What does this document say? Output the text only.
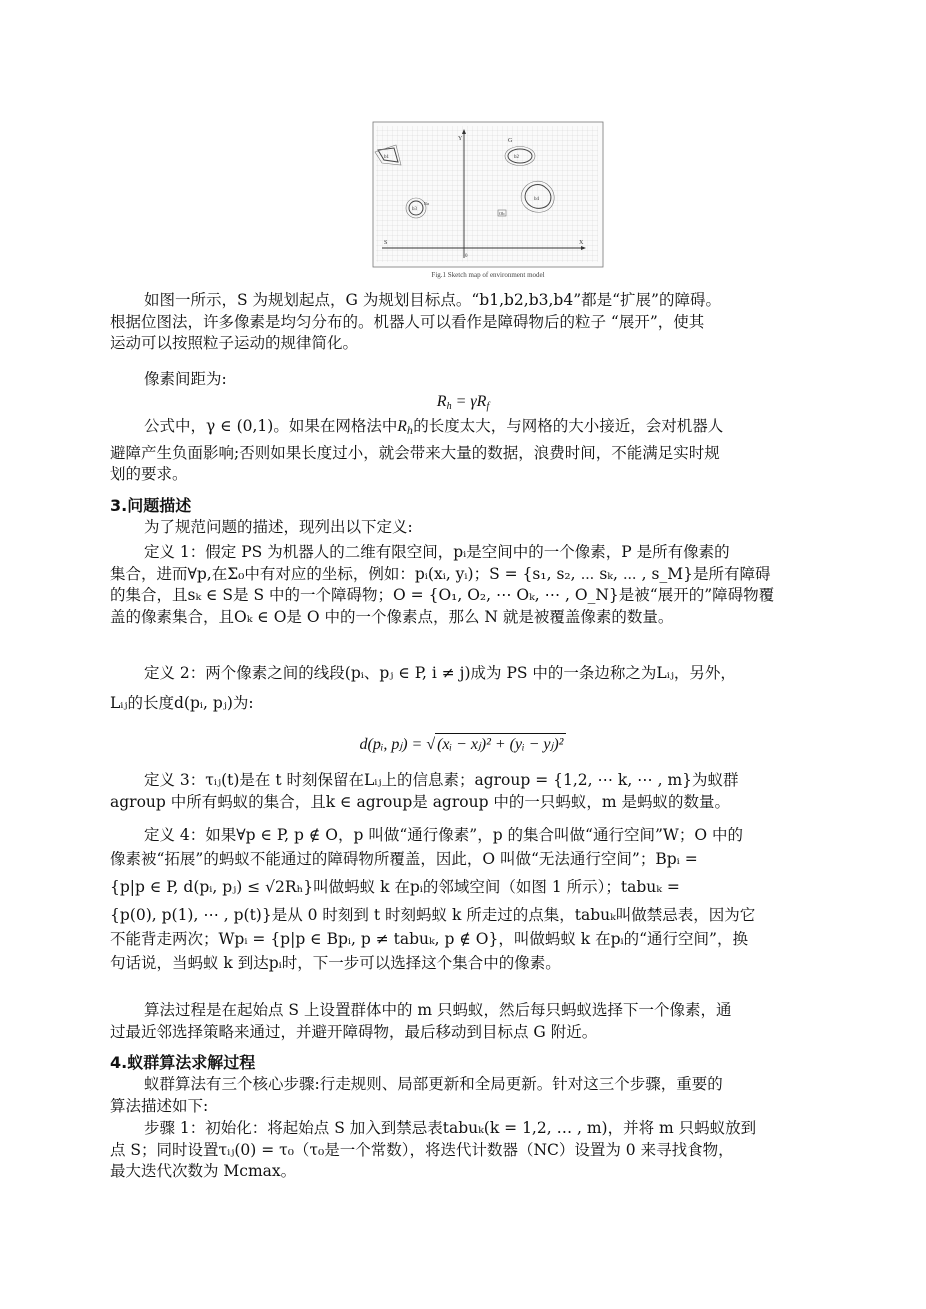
b1	b2
b3
b4
Ra
Ob
Y
X
0
S
G
Fig.1 Sketch map of environment model
如图一所示，S 为规划起点，G 为规划目标点。“b1,b2,b3,b4”都是“扩展”的障碍。
根据位图法，许多像素是均匀分布的。机器人可以看作是障碍物后的粒子 “展开”，使其
运动可以按照粒子运动的规律简化。
像素间距为:
$R_h = \gamma R_f$
公式中，γ ∈ (0,1)。如果在网格法中$R_h$的长度太大，与网格的大小接近，会对机器人
避障产生负面影响;否则如果长度过小，就会带来大量的数据，浪费时间，不能满足实时规
划的要求。
3.问题描述
为了规范问题的描述，现列出以下定义:
定义 1：假定 PS 为机器人的二维有限空间，pᵢ是空间中的一个像素，P 是所有像素的
集合，进而∀p,在Σ₀中有对应的坐标，例如：pᵢ(xᵢ, yᵢ)；S = {s₁, s₂, ⋯ sₖ, ⋯ , s_M}是所有障碍
的集合，且sₖ ∈ S是 S 中的一个障碍物；O = {O₁, O₂, ⋯ Oₖ, ⋯ , O_N}是被“展开的”障碍物覆
盖的像素集合，且Oₖ ∈ O是 O 中的一个像素点，那么 N 就是被覆盖像素的数量。
定义 2：两个像素之间的线段(pᵢ、pⱼ ∈ P, i ≠ j)成为 PS 中的一条边称之为Lᵢⱼ，另外，
Lᵢⱼ的长度d(pᵢ, pⱼ)为:
d(pᵢ, pⱼ) = √ (xᵢ − xⱼ)² + (yᵢ − yⱼ)²
定义 3：τᵢⱼ(t)是在 t 时刻保留在Lᵢⱼ上的信息素；agroup = {1,2, ⋯ k, ⋯ , m}为蚁群
agroup 中所有蚂蚁的集合，且k ∈ agroup是 agroup 中的一只蚂蚁，m 是蚂蚁的数量。
定义 4：如果∀p ∈ P, p ∉ O，p 叫做“通行像素”，p 的集合叫做“通行空间”W；O 中的
像素被“拓展”的蚂蚁不能通过的障碍物所覆盖，因此，O 叫做“无法通行空间”；Bpᵢ =
{p|p ∈ P, d(pᵢ, pⱼ) ≤ √2Rₕ}叫做蚂蚁 k 在pᵢ的邻域空间（如图 1 所示）；tabuₖ =
{p(0), p(1), ⋯ , p(t)}是从 0 时刻到 t 时刻蚂蚁 k 所走过的点集，tabuₖ叫做禁忌表，因为它
不能背走两次；Wpᵢ = {p|p ∈ Bpᵢ, p ≠ tabuₖ, p ∉ O}，叫做蚂蚁 k 在pᵢ的“通行空间”，换
句话说，当蚂蚁 k 到达pᵢ时，下一步可以选择这个集合中的像素。
算法过程是在起始点 S 上设置群体中的 m 只蚂蚁，然后每只蚂蚁选择下一个像素，通
过最近邻选择策略来通过，并避开障碍物，最后移动到目标点 G 附近。
4.蚁群算法求解过程
蚁群算法有三个核心步骤:行走规则、局部更新和全局更新。针对这三个步骤，重要的
算法描述如下:
步骤 1：初始化：将起始点 S 加入到禁忌表tabuₖ(k = 1,2, … , m)，并将 m 只蚂蚁放到
点 S；同时设置τᵢⱼ(0) = τ₀（τ₀是一个常数），将迭代计数器（NC）设置为 0 来寻找食物，
最大迭代次数为 Mcmax。
